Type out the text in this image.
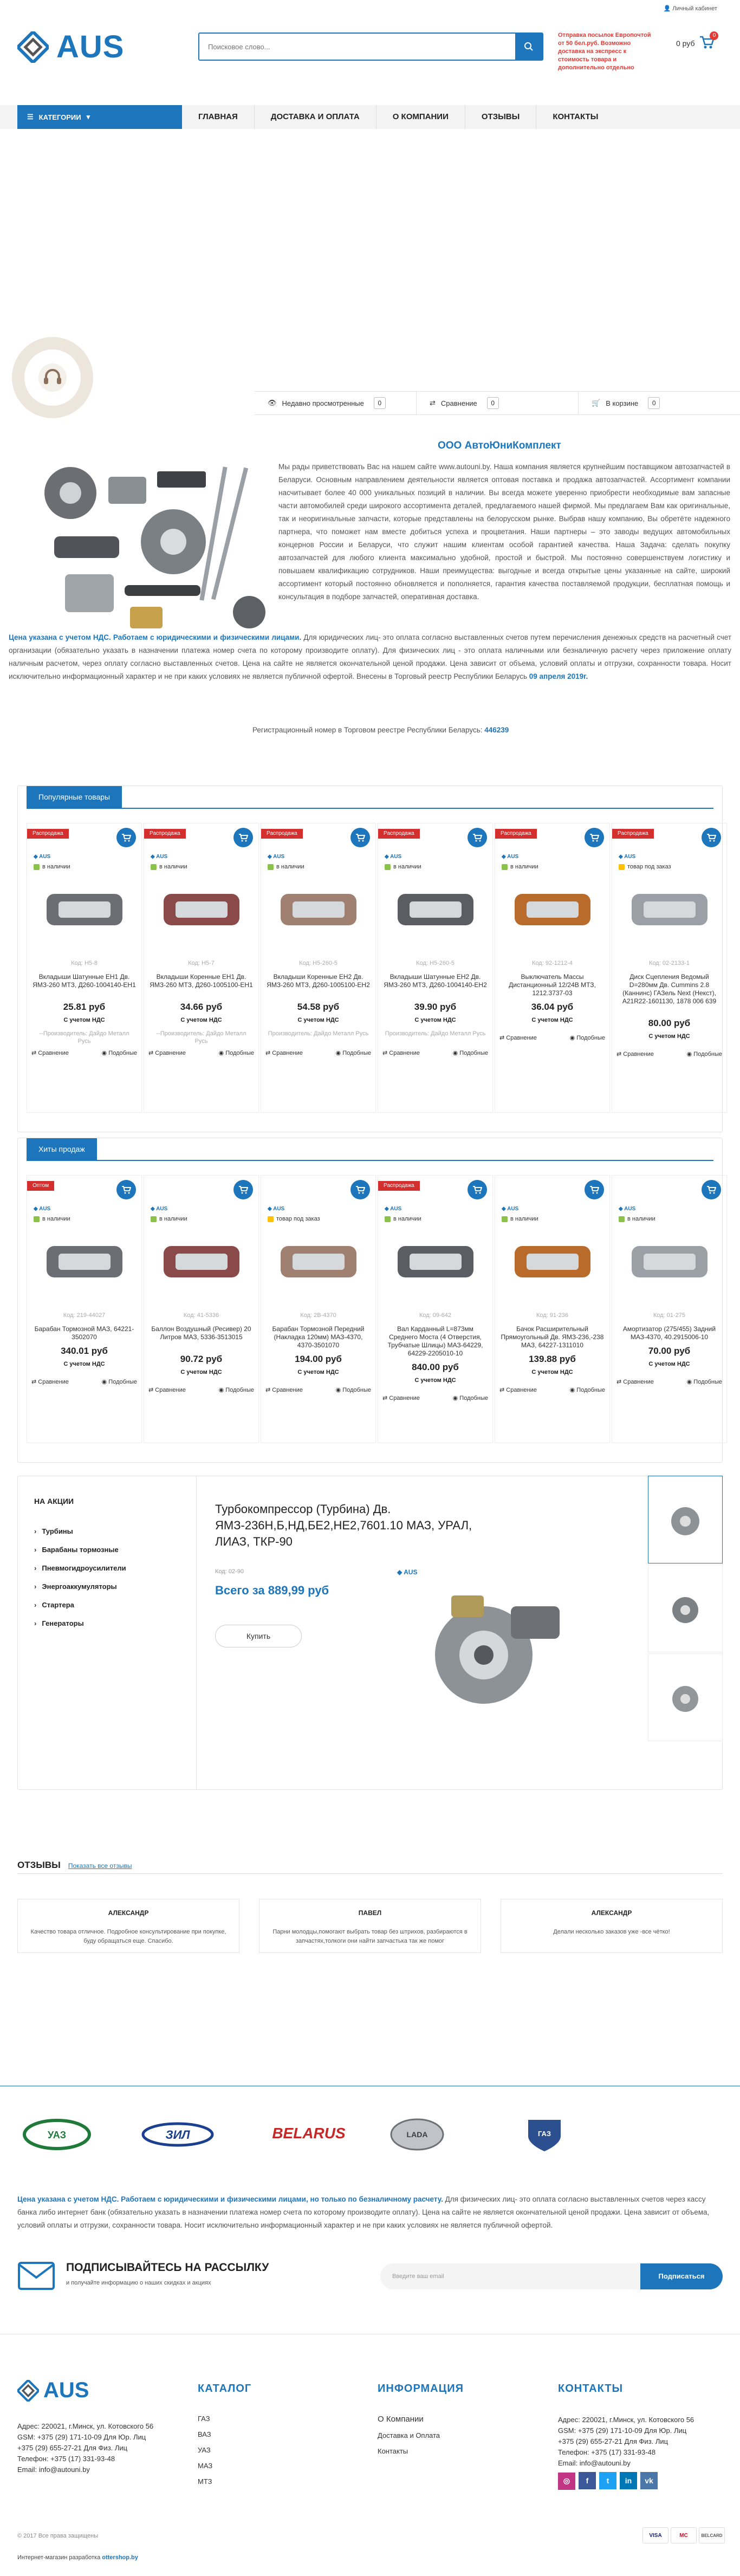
👤 Личный кабинет
AUS
Поисковое слово...	Отправка посылок Европочтой от 50 бел.руб. Возможно доставка на экспресс к стоимость товара и дополнительно отдельно
0 руб
0
☰ КАТЕГОРИИ ▾	ГЛАВНАЯ	ДОСТАВКА И ОПЛАТА	О КОМПАНИИ	ОТЗЫВЫ	КОНТАКТЫ
👁 Недавно просмотренные	0	⇄ Сравнение	0	🛒 В корзине	0
ООО АвтоЮниКомплект
Мы рады приветствовать Вас на нашем сайте www.autouni.by. Наша компания является крупнейшим поставщиком автозапчастей в Беларуси. Основным направлением деятельности является оптовая поставка и продажа автозапчастей. Ассортимент компании насчитывает более 40 000 уникальных позиций в наличии. Вы всегда можете уверенно приобрести необходимые вам запасные части автомобилей среди широкого ассортимента деталей, предлагаемого нашей фирмой. Мы предлагаем Вам как оригинальные, так и неоригинальные запчасти, которые представлены на белорусском рынке. Выбрав нашу компанию, Вы обретёте надежного партнера, что поможет нам вместе добиться успеха и процветания. Наши партнеры – это заводы ведущих автомобильных концернов России и Беларуси, что служит нашим клиентам особой гарантией качества. Наша Задача: сделать покупку автозапчастей для любого клиента максимально удобной, простой и быстрой. Мы постоянно совершенствуем логистику и повышаем квалификацию сотрудников. Наши преимущества: выгодные и всегда открытые цены указанные на сайте, широкий ассортимент который постоянно обновляется и пополняется, гарантия качества поставляемой продукции, бесплатная помощь и консультация в подборе запчастей, оперативная доставка.
Цена указана с учетом НДС. Работаем с юридическими и физическими лицами. Для юридических лиц- это оплата согласно выставленных счетов путем перечисления денежных средств на расчетный счет организации (обязательно указать в назначении платежа номер счета по которому производите оплату). Для физических лиц - это оплата наличными или безналичную расчету через приложение оплату наличным расчетом, через оплату согласно выставленных счетов. Цена на сайте не является окончательной ценой продажи. Цена зависит от объема, условий оплаты и отгрузки, сохранности товара. Носит исключительно информационный характер и не при каких условиях не является публичной офертой. Внесены в Торговый реестр Республики Беларусь 09 апреля 2019г.
Регистрационный номер в Торговом реестре Республики Беларусь: 446239
Популярные товары
Распродажа
◆ AUS
в наличии
Код: Н5-8
Вкладыши Шатунные ЕН1 Дв. ЯМЗ-260 МТЗ, Д260-1004140-ЕН1
25.81 руб
С учетом НДС
--Производитель: Дайдо Металл Русь
⇄ Сравнение	◉ Подобные
Распродажа
◆ AUS
в наличии
Код: Н5-7
Вкладыши Коренные ЕН1 Дв. ЯМЗ-260 МТЗ, Д260-1005100-ЕН1
34.66 руб
С учетом НДС
--Производитель: Дайдо Металл Русь
⇄ Сравнение	◉ Подобные
Распродажа
◆ AUS
в наличии
Код: Н5-260-5
Вкладыши Коренные ЕН2 Дв. ЯМЗ-260 МТЗ, Д260-1005100-ЕН2
54.58 руб
С учетом НДС
Производитель: Дайдо Металл Русь
⇄ Сравнение	◉ Подобные
Распродажа
◆ AUS
в наличии
Код: Н5-260-5
Вкладыши Шатунные ЕН2 Дв. ЯМЗ-260 МТЗ, Д260-1004140-ЕН2
39.90 руб
С учетом НДС
Производитель: Дайдо Металл Русь
⇄ Сравнение	◉ Подобные
Распродажа
◆ AUS
в наличии
Код: 92-1212-4
Выключатель Массы Дистанционный 12/24В МТЗ, 1212.3737-03
36.04 руб
С учетом НДС
⇄ Сравнение	◉ Подобные
Распродажа
◆ AUS
товар под заказ
Код: 02-2133-1
Диск Сцепления Ведомый D=280мм Дв. Cummins 2.8 (Каннинс) ГАЗель Next (Некст), A21R22-1601130, 1878 006 639
80.00 руб
С учетом НДС
⇄ Сравнение	◉ Подобные
Хиты продаж
Оптом
◆ AUS
в наличии
Код: 219-44027
Барабан Тормозной МАЗ, 64221-3502070
340.01 руб
С учетом НДС
⇄ Сравнение	◉ Подобные
◆ AUS
в наличии
Код: 41-5336
Баллон Воздушный (Ресивер) 20 Литров МАЗ, 5336-3513015
90.72 руб
С учетом НДС
⇄ Сравнение	◉ Подобные
◆ AUS
товар под заказ
Код: 2В-4370
Барабан Тормозной Передний (Накладка 120мм) МАЗ-4370, 4370-3501070
194.00 руб
С учетом НДС
⇄ Сравнение	◉ Подобные
Распродажа
◆ AUS
в наличии
Код: 09-642
Вал Карданный L=873мм Среднего Моста (4 Отверстия, Трубчатые Шлицы) МАЗ-64229, 64229-2205010-10
840.00 руб
С учетом НДС
⇄ Сравнение	◉ Подобные
◆ AUS
в наличии
Код: 91-236
Бачок Расширительный Прямоугольный Дв. ЯМЗ-236,-238 МАЗ, 64227-1311010
139.88 руб
С учетом НДС
⇄ Сравнение	◉ Подобные
◆ AUS
в наличии
Код: 01-275
Амортизатор (275/455) Задний МАЗ-4370, 40.2915006-10
70.00 руб
С учетом НДС
⇄ Сравнение	◉ Подобные
НА АКЦИИ
› Турбины
› Барабаны тормозные
› Пневмогидроусилители
› Энергоаккумуляторы
› Стартера
› Генераторы
Турбокомпрессор (Турбина) Дв. ЯМЗ-236Н,Б,НД,БЕ2,НЕ2,7601.10 МАЗ, УРАЛ, ЛИАЗ, ТКР-90
Код: 02-90
Всего за 889,99 руб
Купить
◆ AUS
ОТЗЫВЫ Показать все отзывы
АЛЕКСАНДР

Качество товара отличное. Подробное консультирование при покупке, буду обращаться еще. Спасибо.

ПАВЕЛ

Парни молодцы,помогают выбрать товар без штрихов, разбираются в запчастях,толкоги они найти запчастька так же помог

АЛЕКСАНДР

Делали несколько заказов уже -все чётко!

УАЗ	ЗИЛ	BELARUS	LADA	ГАЗ
Цена указана с учетом НДС. Работаем с юридическими и физическими лицами, но только по безналичному расчету. Для физических лиц- это оплата согласно выставленных счетов через кассу банка либо интернет банк (обязательно указать в назначении платежа номер счета по которому производите оплату). Цена на сайте не является окончательной ценой продажи. Цена зависит от объема, условий оплаты и отгрузки, сохранности товара. Носит исключительно информационный характер и не при каких условиях не является публичной офертой.
ПОДПИСЫВАЙТЕСЬ НА РАССЫЛКУ

и получайте информацию о наших скидках и акциях

Введите ваш email	Подписаться
AUS
Адрес: 220021, г.Минск, ул. Котовского 56
GSM: +375 (29) 171-10-09 Для Юр. Лиц
+375 (29) 655-27-21 Для Физ. Лиц
Телефон: +375 (17) 331-93-48
Email: info@autouni.by
КАТАЛОГ
ГАЗ
ВАЗ
УАЗ
МАЗ
МТЗ
ИНФОРМАЦИЯ
О Компании
Доставка и Оплата
Контакты
КОНТАКТЫ
Адрес: 220021, г.Минск, ул. Котовского 56
GSM: +375 (29) 171-10-09 Для Юр. Лиц
+375 (29) 655-27-21 Для Физ. Лиц
Телефон: +375 (17) 331-93-48
Email: info@autouni.by
◎ f t in vk
© 2017 Все права защищены
Интернет-магазин разработка ottershop.by
VISA	MC	BELCARD
